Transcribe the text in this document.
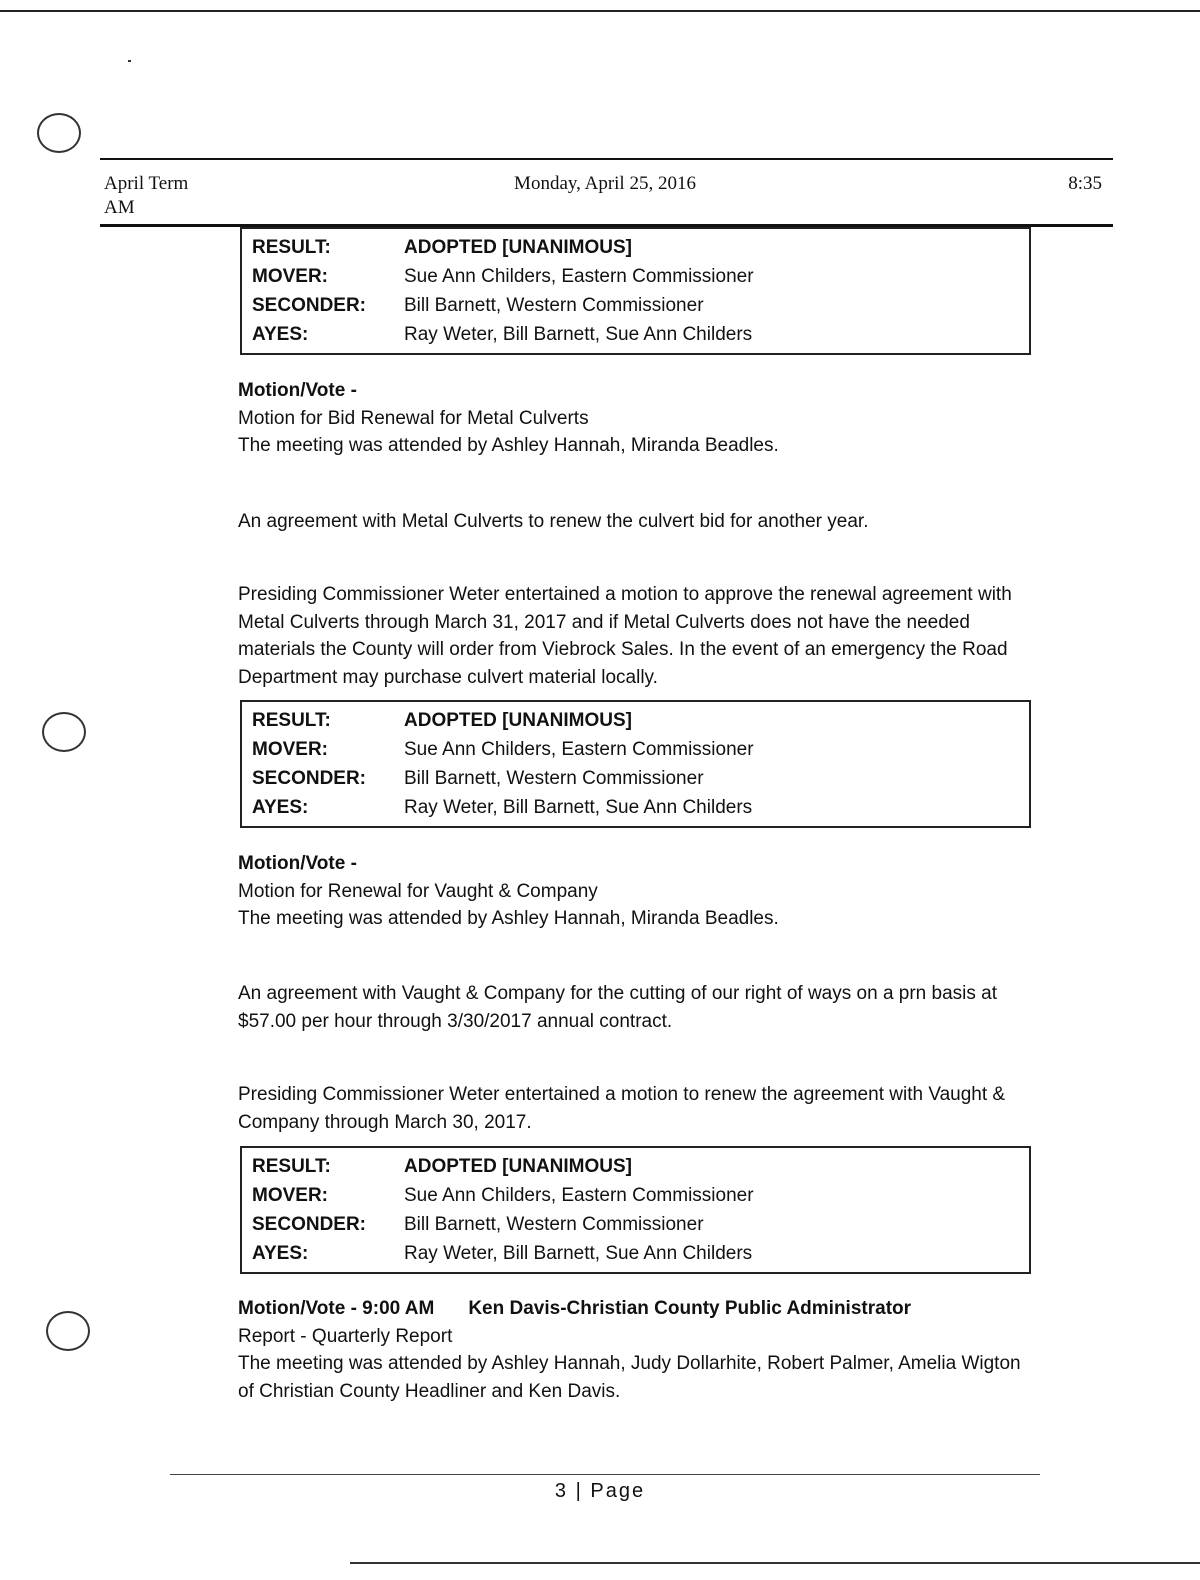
April Term
AM
Monday, April 25, 2016	8:35
RESULT:	ADOPTED [UNANIMOUS]
MOVER:	Sue Ann Childers, Eastern Commissioner
SECONDER:	Bill Barnett, Western Commissioner
AYES:	Ray Weter, Bill Barnett, Sue Ann Childers

Motion/Vote -

Motion for Bid Renewal for Metal Culverts

The meeting was attended by Ashley Hannah, Miranda Beadles.

An agreement with Metal Culverts to renew the culvert bid for another year.
Presiding Commissioner Weter entertained a motion to approve the renewal agreement with Metal Culverts through March 31, 2017 and if Metal Culverts does not have the needed materials the County will order from Viebrock Sales. In the event of an emergency the Road Department may purchase culvert material locally.
RESULT:	ADOPTED [UNANIMOUS]
MOVER:	Sue Ann Childers, Eastern Commissioner
SECONDER:	Bill Barnett, Western Commissioner
AYES:	Ray Weter, Bill Barnett, Sue Ann Childers

Motion/Vote -

Motion for Renewal for Vaught & Company

The meeting was attended by Ashley Hannah, Miranda Beadles.

An agreement with Vaught & Company for the cutting of our right of ways on a prn basis at $57.00 per hour through 3/30/2017 annual contract.
Presiding Commissioner Weter entertained a motion to renew the agreement with Vaught & Company through March 30, 2017.
RESULT:	ADOPTED [UNANIMOUS]
MOVER:	Sue Ann Childers, Eastern Commissioner
SECONDER:	Bill Barnett, Western Commissioner
AYES:	Ray Weter, Bill Barnett, Sue Ann Childers

Motion/Vote - 9:00 AM Ken Davis-Christian County Public Administrator

Report - Quarterly Report

The meeting was attended by Ashley Hannah, Judy Dollarhite, Robert Palmer, Amelia Wigton of Christian County Headliner and Ken Davis.

3 | Page
